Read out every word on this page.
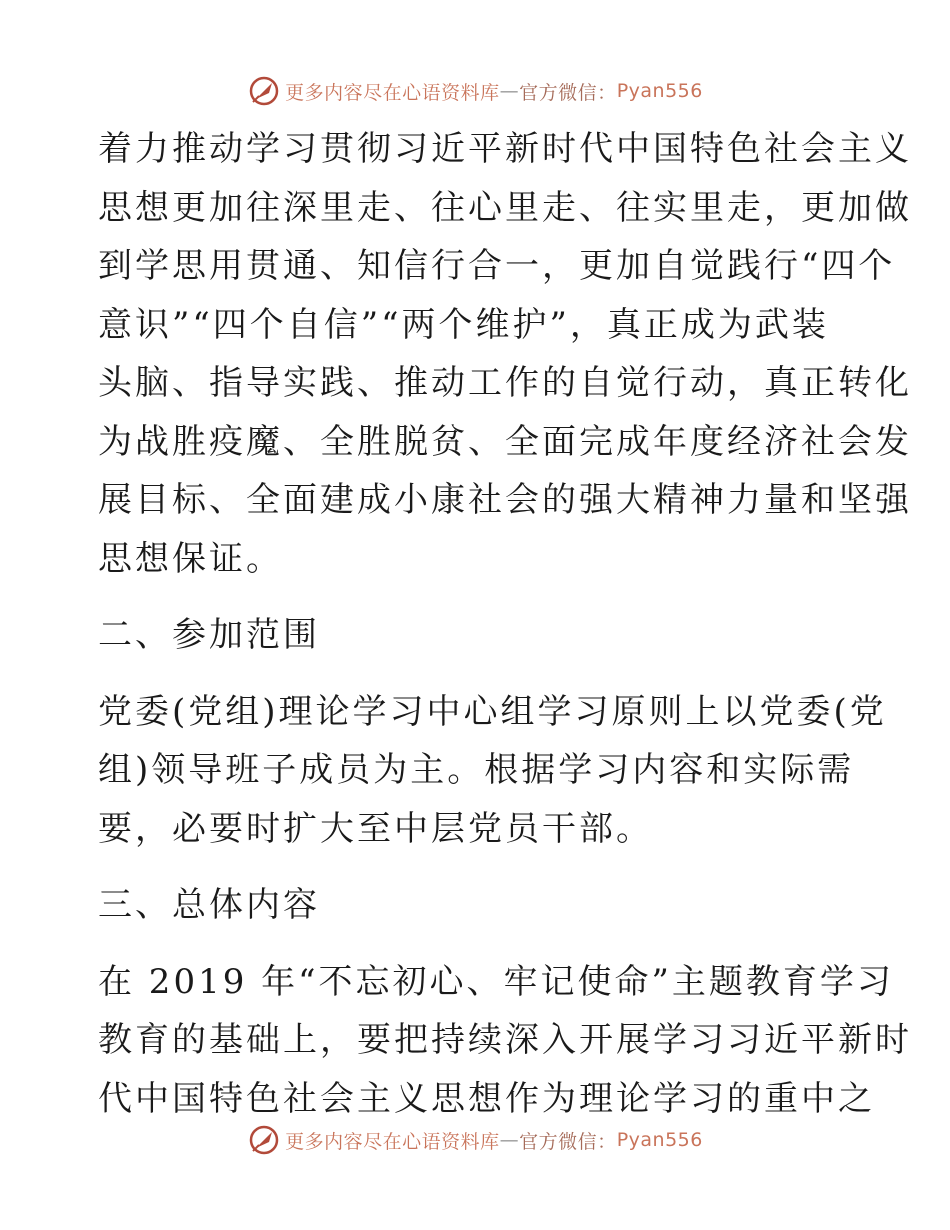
更多内容尽在心语资料库 — 官方微信： Pyan556
着力推动学习贯彻习近平新时代中国特色社会主义
思想更加往深里走、往心里走、往实里走，更加做
到学思用贯通、知信行合一，更加自觉践行“四个
意识”“四个自信”“两个维护”，真正成为武装
头脑、指导实践、推动工作的自觉行动，真正转化
为战胜疫魔、全胜脱贫、全面完成年度经济社会发
展目标、全面建成小康社会的强大精神力量和坚强
思想保证。
二、参加范围
党委(党组)理论学习中心组学习原则上以党委(党
组)领导班子成员为主。根据学习内容和实际需
要，必要时扩大至中层党员干部。
三、总体内容
在 2019 年“不忘初心、牢记使命”主题教育学习
教育的基础上，要把持续深入开展学习习近平新时
代中国特色社会主义思想作为理论学习的重中之
更多内容尽在心语资料库 — 官方微信： Pyan556
